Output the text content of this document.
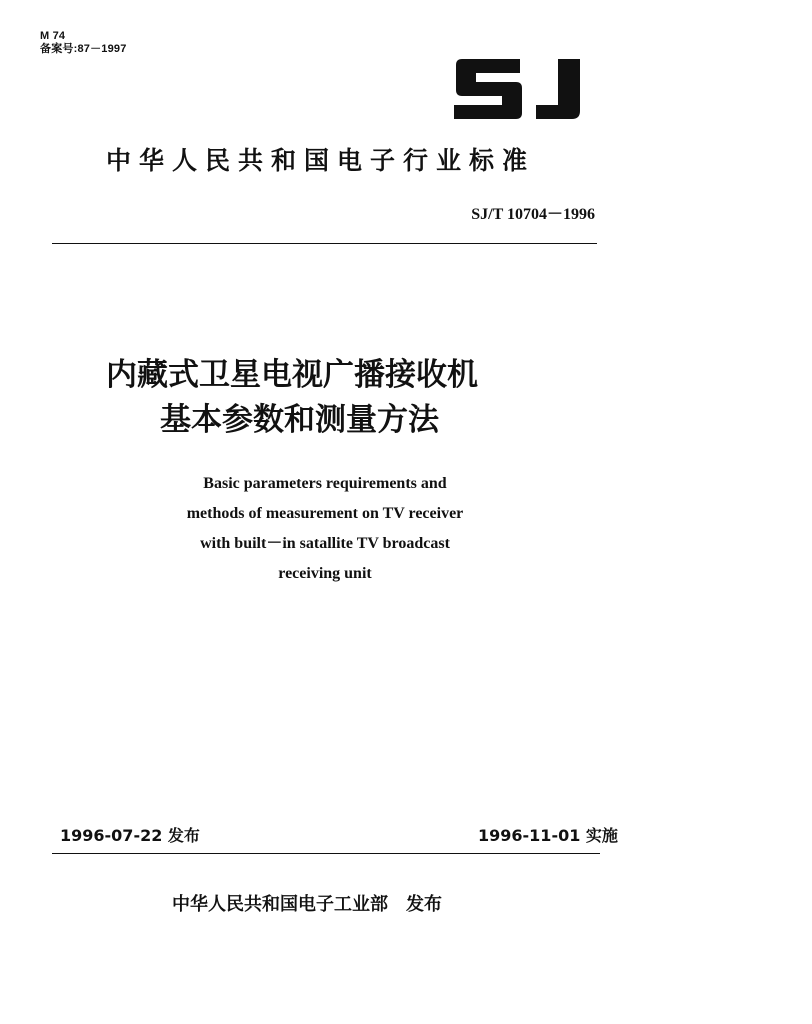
M 74
备案号:87－1997
中华人民共和国电子行业标准
SJ/T 10704－1996
内藏式卫星电视广播接收机
基本参数和测量方法
Basic parameters requirements and
methods of measurement on TV receiver
with built－in satallite TV broadcast
receiving unit
1996-07-22 发布	1996-11-01 实施
中华人民共和国电子工业部 发布
